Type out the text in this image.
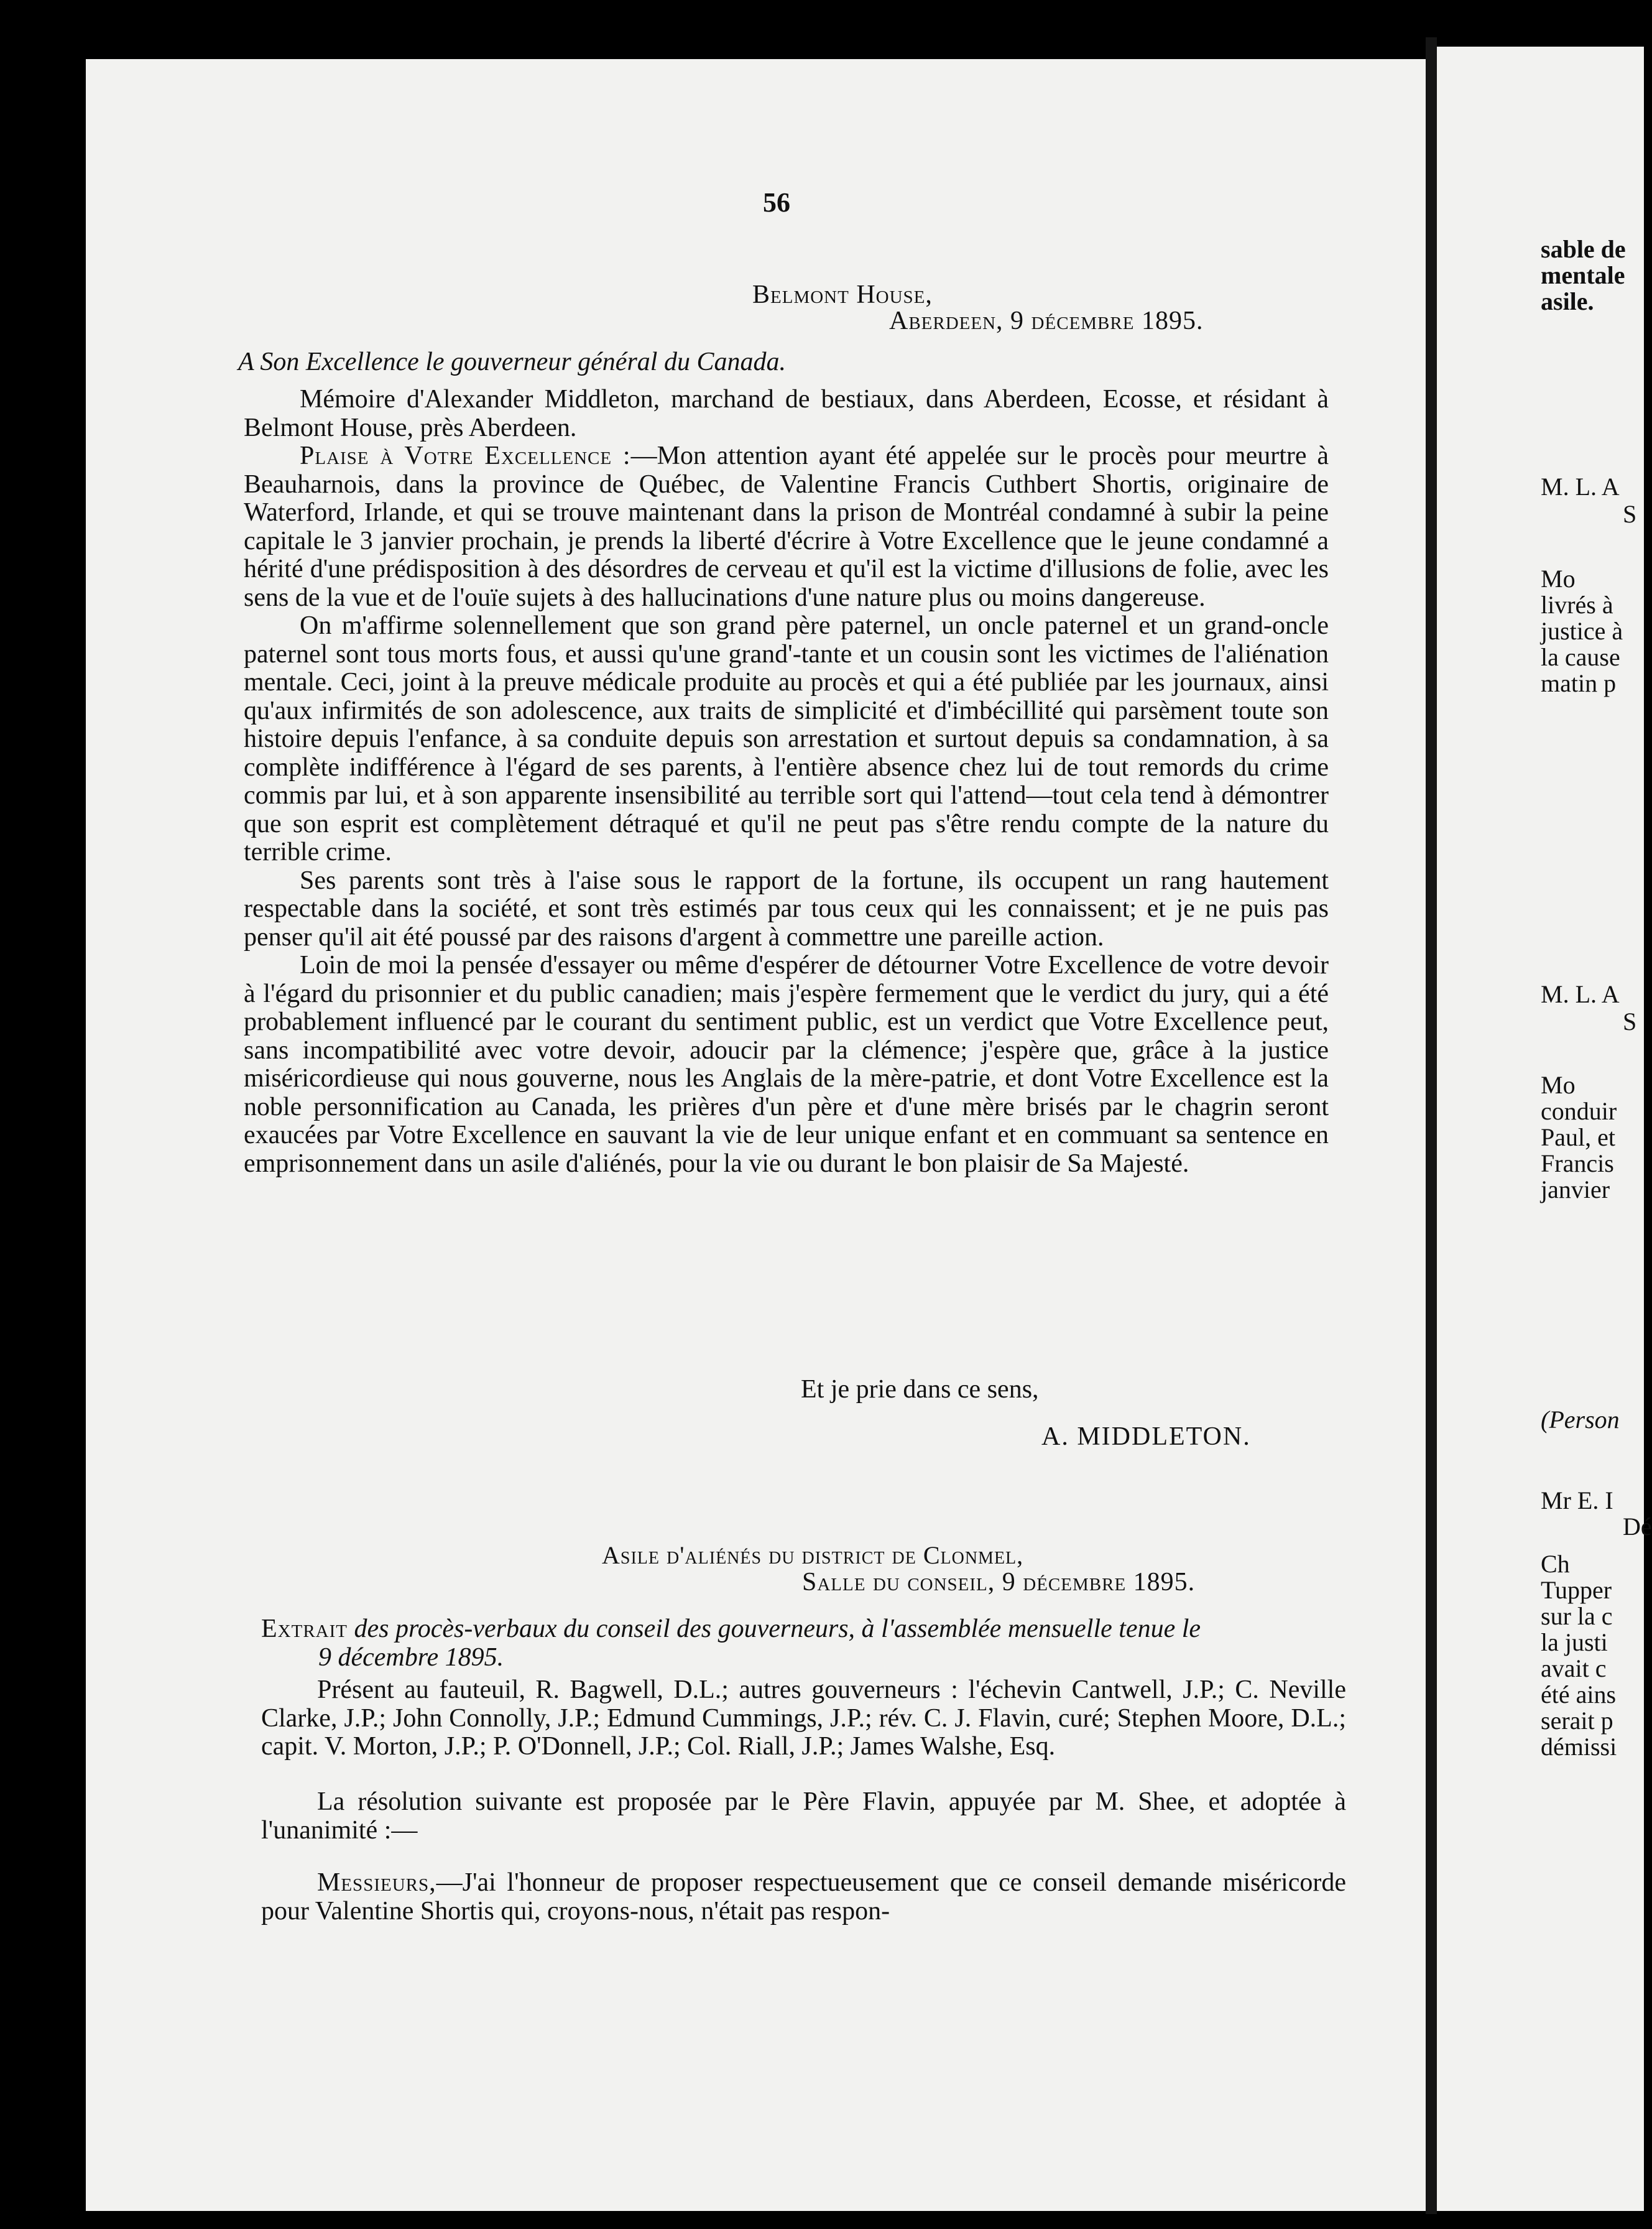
56
Belmont House,
Aberdeen, 9 décembre 1895.
A Son Excellence le gouverneur général du Canada.

Mémoire d'Alexander Middleton, marchand de bestiaux, dans Aberdeen, Ecosse, et résidant à Belmont House, près Aberdeen.

Plaise à Votre Excellence :—Mon attention ayant été appelée sur le procès pour meurtre à Beauharnois, dans la province de Québec, de Valentine Francis Cuthbert Shortis, originaire de Waterford, Irlande, et qui se trouve maintenant dans la prison de Montréal condamné à subir la peine capitale le 3 janvier prochain, je prends la liberté d'écrire à Votre Excellence que le jeune condamné a hérité d'une prédisposition à des désordres de cerveau et qu'il est la victime d'illusions de folie, avec les sens de la vue et de l'ouïe sujets à des hallucinations d'une nature plus ou moins dangereuse.

On m'affirme solennellement que son grand père paternel, un oncle paternel et un grand-oncle paternel sont tous morts fous, et aussi qu'une grand'-tante et un cousin sont les victimes de l'aliénation mentale. Ceci, joint à la preuve médicale produite au procès et qui a été publiée par les journaux, ainsi qu'aux infirmités de son adolescence, aux traits de simplicité et d'imbécillité qui parsèment toute son histoire depuis l'enfance, à sa conduite depuis son arrestation et surtout depuis sa condamnation, à sa complète indifférence à l'égard de ses parents, à l'entière absence chez lui de tout remords du crime commis par lui, et à son apparente insensibilité au terrible sort qui l'attend—tout cela tend à démontrer que son esprit est complètement détraqué et qu'il ne peut pas s'être rendu compte de la nature du terrible crime.

Ses parents sont très à l'aise sous le rapport de la fortune, ils occupent un rang hautement respectable dans la société, et sont très estimés par tous ceux qui les connaissent; et je ne puis pas penser qu'il ait été poussé par des raisons d'argent à commettre une pareille action.

Loin de moi la pensée d'essayer ou même d'espérer de détourner Votre Excellence de votre devoir à l'égard du prisonnier et du public canadien; mais j'espère fermement que le verdict du jury, qui a été probablement influencé par le courant du sentiment public, est un verdict que Votre Excellence peut, sans incompatibilité avec votre devoir, adoucir par la clémence; j'espère que, grâce à la justice miséricordieuse qui nous gouverne, nous les Anglais de la mère-patrie, et dont Votre Excellence est la noble personnification au Canada, les prières d'un père et d'une mère brisés par le chagrin seront exaucées par Votre Excellence en sauvant la vie de leur unique enfant et en commuant sa sentence en emprisonnement dans un asile d'aliénés, pour la vie ou durant le bon plaisir de Sa Majesté.

Et je prie dans ce sens,
A. MIDDLETON.
Asile d'aliénés du district de Clonmel,
Salle du conseil, 9 décembre 1895.
Extrait des procès-verbaux du conseil des gouverneurs, à l'assemblée mensuelle tenue le
9 décembre 1895.
Présent au fauteuil, R. Bagwell, D.L.; autres gouverneurs : l'échevin Cantwell, J.P.; C. Neville Clarke, J.P.; John Connolly, J.P.; Edmund Cummings, J.P.; rév. C. J. Flavin, curé; Stephen Moore, D.L.; capit. V. Morton, J.P.; P. O'Donnell, J.P.; Col. Riall, J.P.; James Walshe, Esq.
La résolution suivante est proposée par le Père Flavin, appuyée par M. Shee, et adoptée à l'unanimité :—
Messieurs,—J'ai l'honneur de proposer respectueusement que ce conseil demande miséricorde pour Valentine Shortis qui, croyons-nous, n'était pas respon-
sable de
mentale
asile.
M. L. A
S
Mo
livrés à
justice à
la cause
matin p
M. L. A
S
Mo
conduir
Paul, et
Francis
janvier
(Person
Mr E. I
Dé
Ch
Tupper
sur la c
la justi
avait c
été ains
serait p
démissi
